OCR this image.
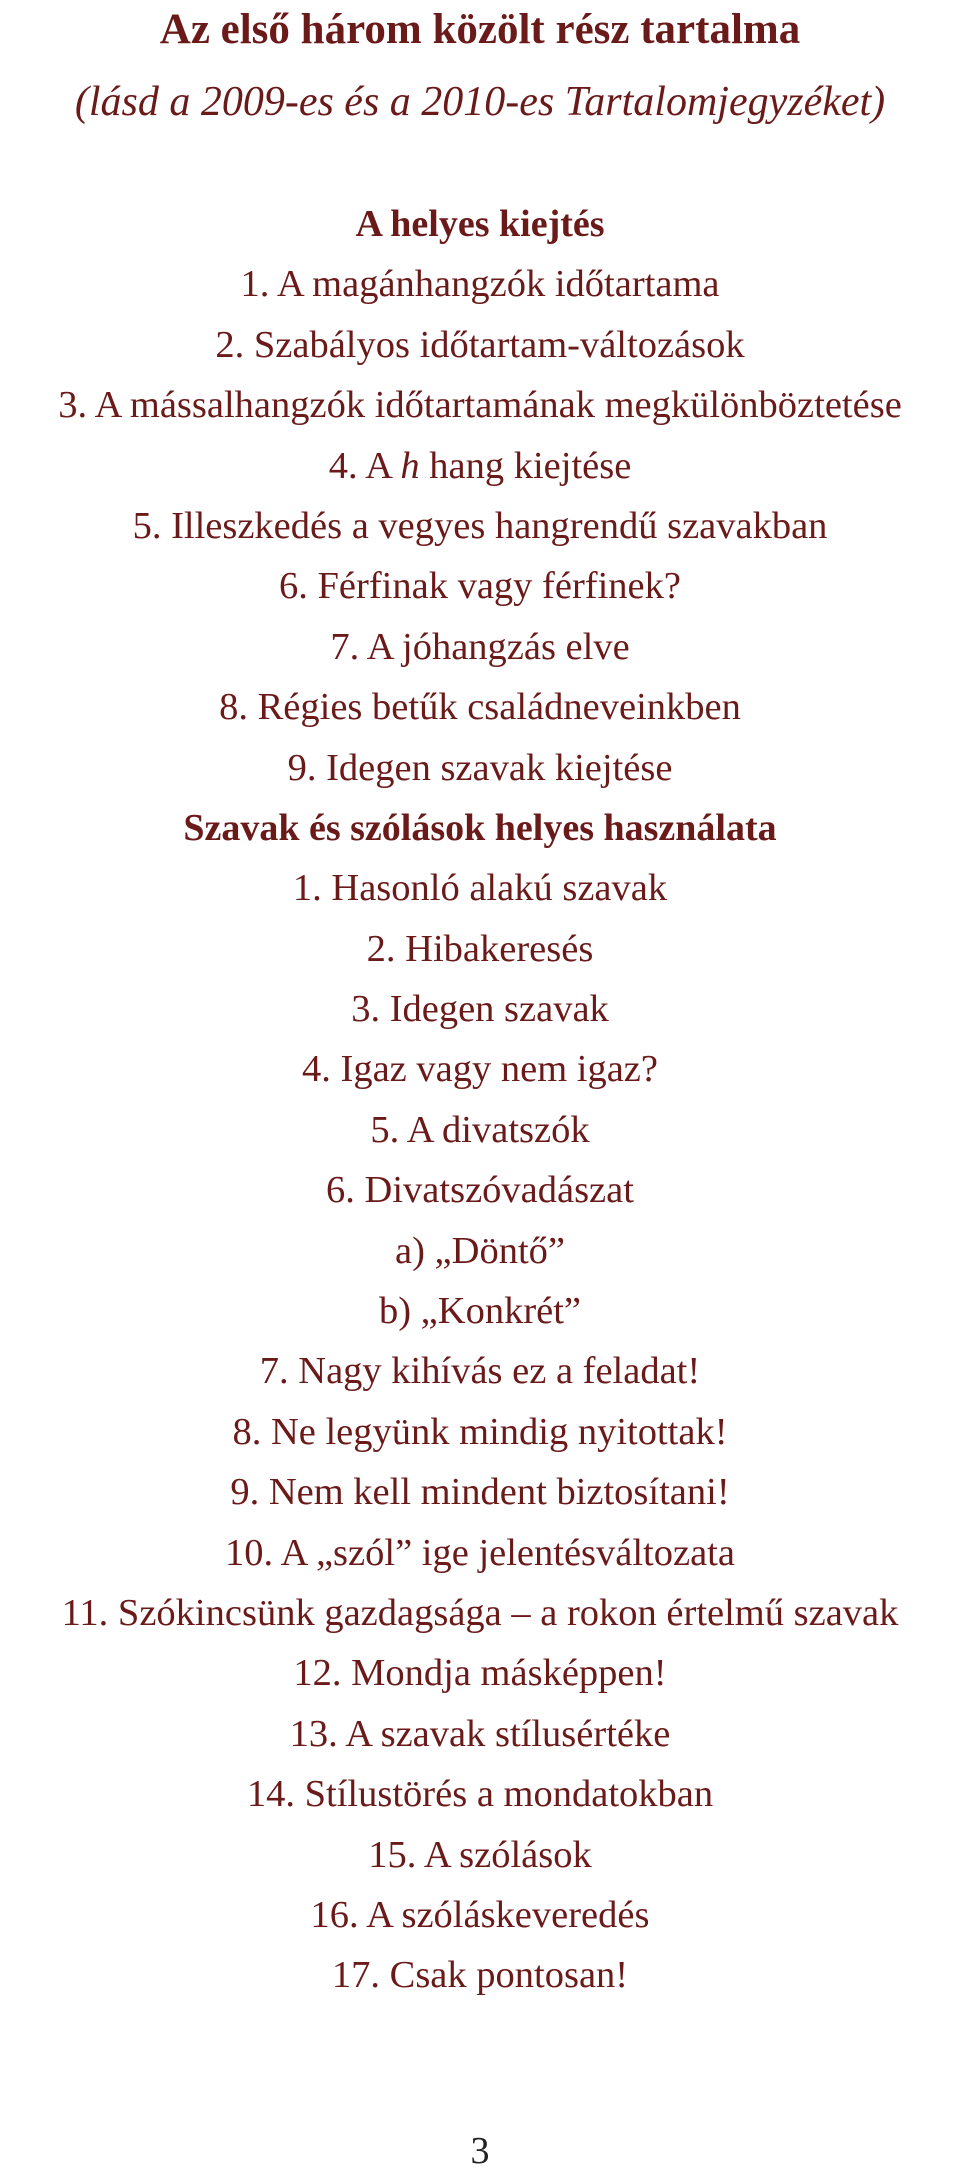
Az első három közölt rész tartalma
(lásd a 2009-es és a 2010-es Tartalomjegyzéket)
A helyes kiejtés
1. A magánhangzók időtartama
2. Szabályos időtartam-változások
3. A mássalhangzók időtartamának megkülönböztetése
4. A h hang kiejtése
5. Illeszkedés a vegyes hangrendű szavakban
6. Férfinak vagy férfinek?
7. A jóhangzás elve
8. Régies betűk családneveinkben
9. Idegen szavak kiejtése
Szavak és szólások helyes használata
1. Hasonló alakú szavak
2. Hibakeresés
3. Idegen szavak
4. Igaz vagy nem igaz?
5. A divatszók
6. Divatszóvadászat
a) „Döntő”
b) „Konkrét”
7. Nagy kihívás ez a feladat!
8. Ne legyünk mindig nyitottak!
9. Nem kell mindent biztosítani!
10. A „szól” ige jelentésváltozata
11. Szókincsünk gazdagsága – a rokon értelmű szavak
12. Mondja másképpen!
13. A szavak stílusértéke
14. Stílustörés a mondatokban
15. A szólások
16. A szóláskeveredés
17. Csak pontosan!
3
